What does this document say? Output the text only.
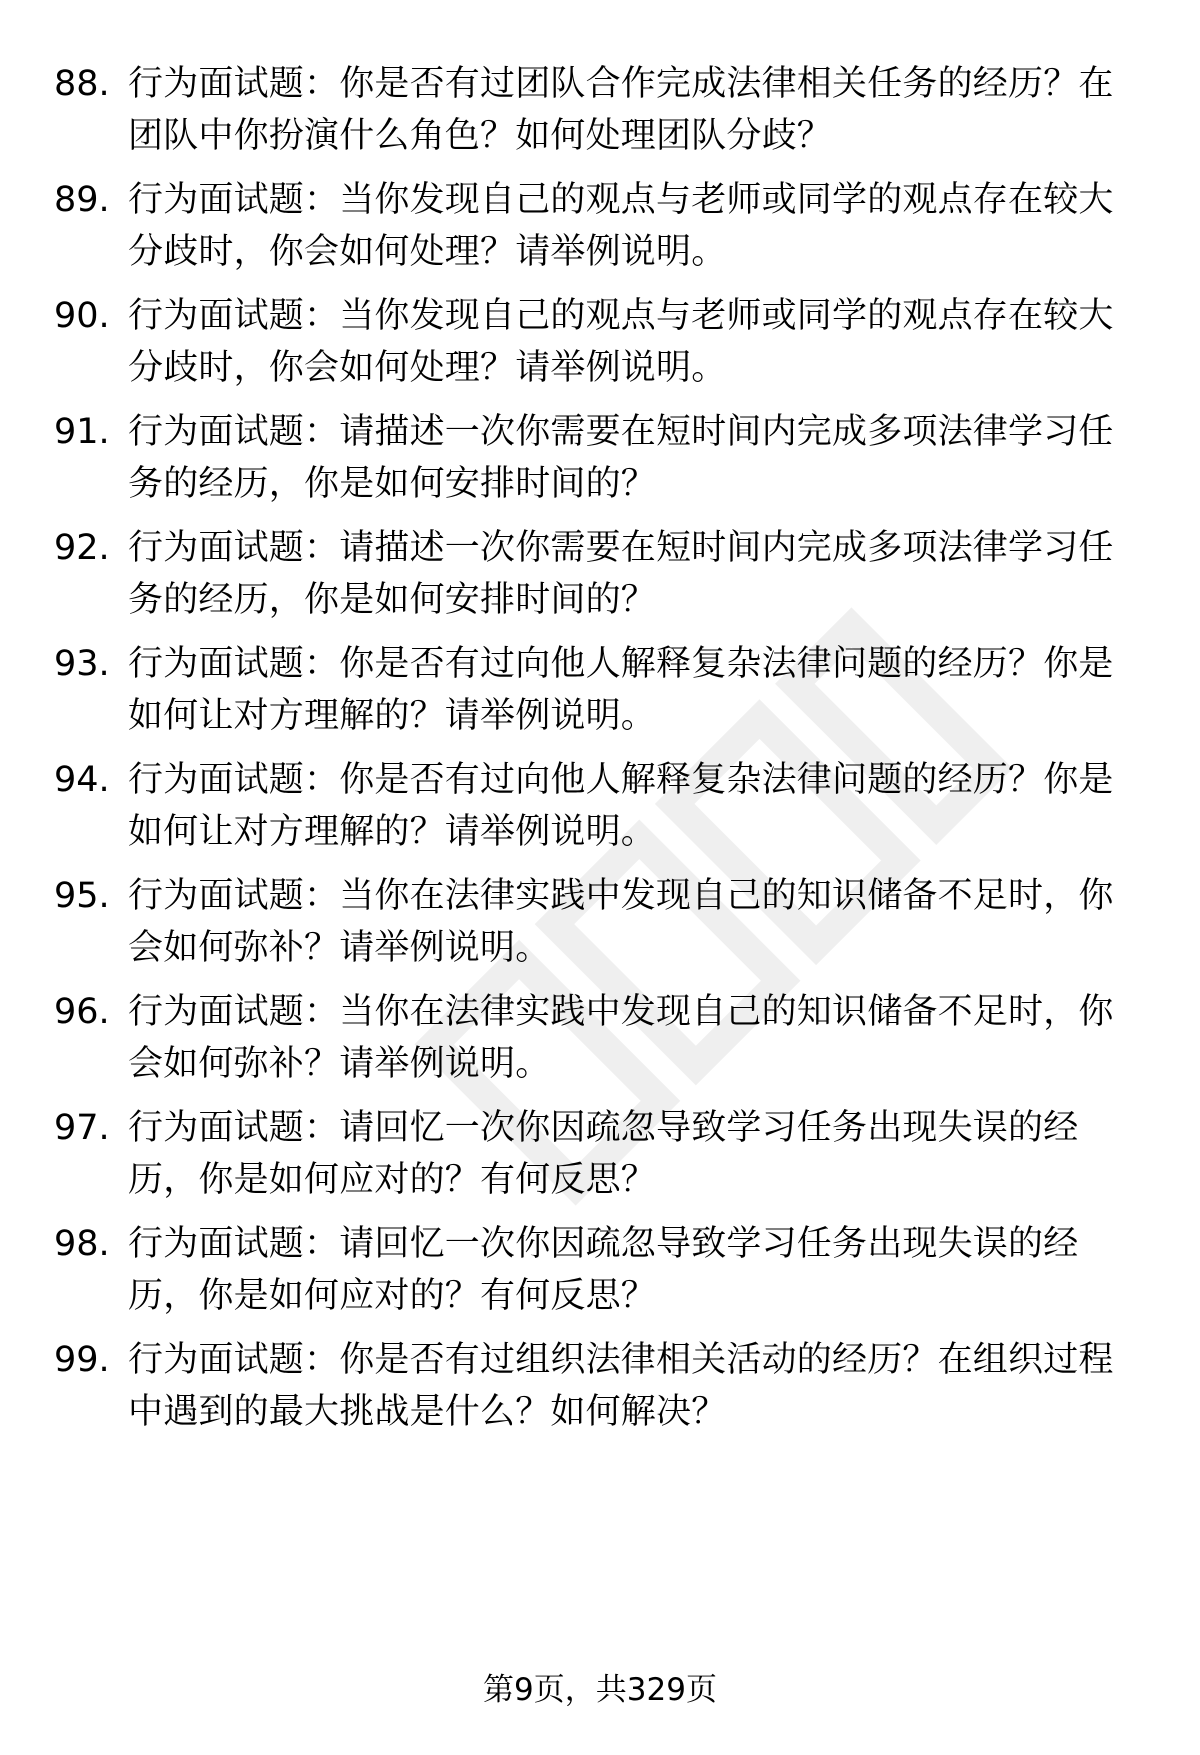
88. 行为面试题：你是否有过团队合作完成法律相关任务的经历？在团队中你扮演什么角色？如何处理团队分歧？
89. 行为面试题：当你发现自己的观点与老师或同学的观点存在较大分歧时，你会如何处理？请举例说明。
90. 行为面试题：当你发现自己的观点与老师或同学的观点存在较大分歧时，你会如何处理？请举例说明。
91. 行为面试题：请描述一次你需要在短时间内完成多项法律学习任务的经历，你是如何安排时间的？
92. 行为面试题：请描述一次你需要在短时间内完成多项法律学习任务的经历，你是如何安排时间的？
93. 行为面试题：你是否有过向他人解释复杂法律问题的经历？你是如何让对方理解的？请举例说明。
94. 行为面试题：你是否有过向他人解释复杂法律问题的经历？你是如何让对方理解的？请举例说明。
95. 行为面试题：当你在法律实践中发现自己的知识储备不足时，你会如何弥补？请举例说明。
96. 行为面试题：当你在法律实践中发现自己的知识储备不足时，你会如何弥补？请举例说明。
97. 行为面试题：请回忆一次你因疏忽导致学习任务出现失误的经历，你是如何应对的？有何反思？
98. 行为面试题：请回忆一次你因疏忽导致学习任务出现失误的经历，你是如何应对的？有何反思？
99. 行为面试题：你是否有过组织法律相关活动的经历？在组织过程中遇到的最大挑战是什么？如何解决？
第9页，共329页
